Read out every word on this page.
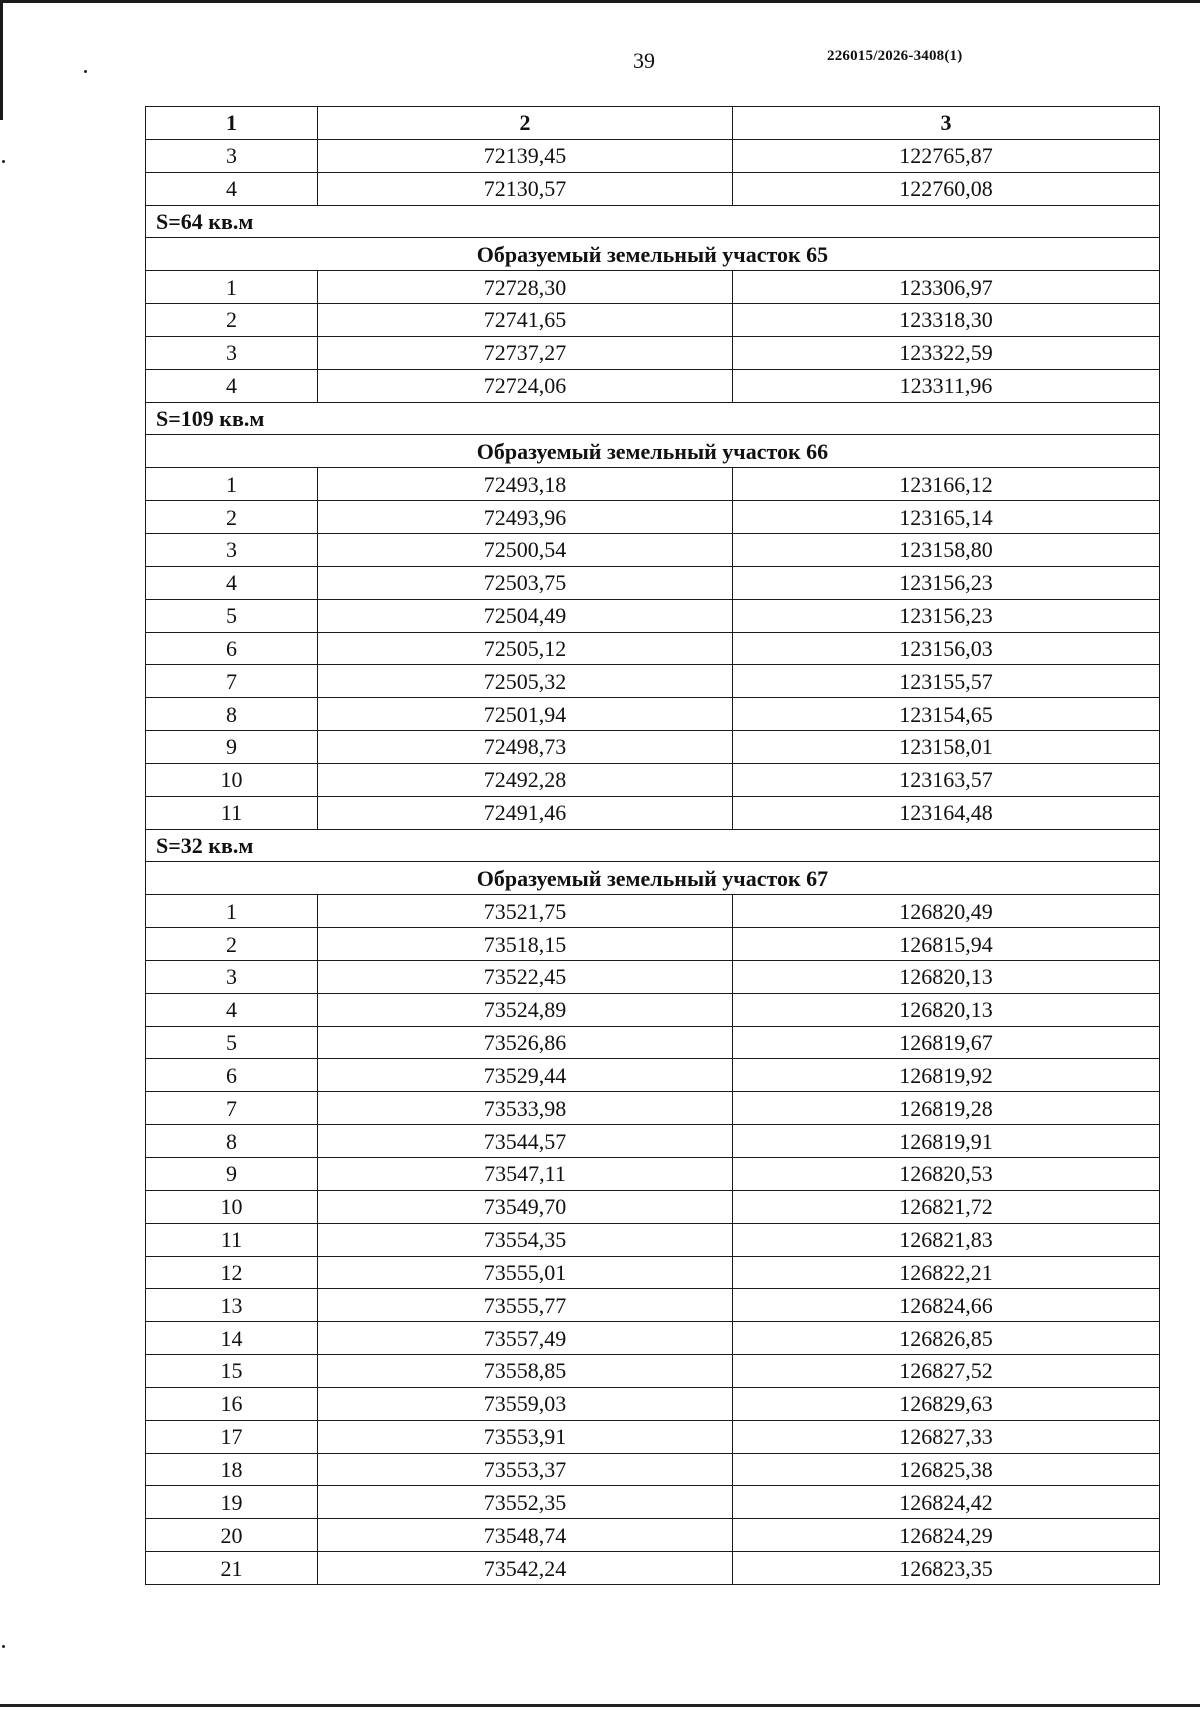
39	226015/2026-3408(1)
1	2	3
3	72139,45	122765,87
4	72130,57	122760,08
S=64 кв.м		
Образуемый земельный участок 65		
1	72728,30	123306,97
2	72741,65	123318,30
3	72737,27	123322,59
4	72724,06	123311,96
S=109 кв.м		
Образуемый земельный участок 66		
1	72493,18	123166,12
2	72493,96	123165,14
3	72500,54	123158,80
4	72503,75	123156,23
5	72504,49	123156,23
6	72505,12	123156,03
7	72505,32	123155,57
8	72501,94	123154,65
9	72498,73	123158,01
10	72492,28	123163,57
11	72491,46	123164,48
S=32 кв.м		
Образуемый земельный участок 67		
1	73521,75	126820,49
2	73518,15	126815,94
3	73522,45	126820,13
4	73524,89	126820,13
5	73526,86	126819,67
6	73529,44	126819,92
7	73533,98	126819,28
8	73544,57	126819,91
9	73547,11	126820,53
10	73549,70	126821,72
11	73554,35	126821,83
12	73555,01	126822,21
13	73555,77	126824,66
14	73557,49	126826,85
15	73558,85	126827,52
16	73559,03	126829,63
17	73553,91	126827,33
18	73553,37	126825,38
19	73552,35	126824,42
20	73548,74	126824,29
21	73542,24	126823,35
